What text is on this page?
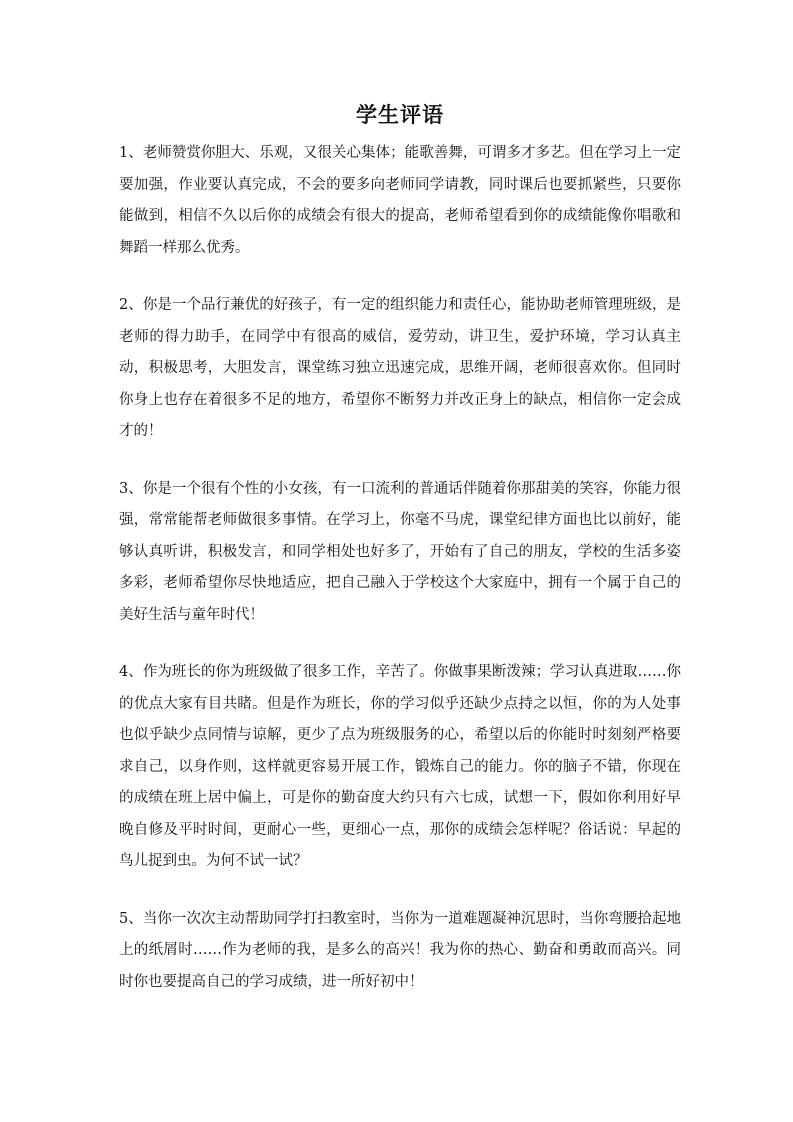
学生评语

1、老师赞赏你胆大、乐观，又很关心集体；能歌善舞，可谓多才多艺。但在学习上一定要加强，作业要认真完成，不会的要多向老师同学请教，同时课后也要抓紧些，只要你能做到，相信不久以后你的成绩会有很大的提高，老师希望看到你的成绩能像你唱歌和舞蹈一样那么优秀。

2、你是一个品行兼优的好孩子，有一定的组织能力和责任心，能协助老师管理班级，是老师的得力助手，在同学中有很高的威信，爱劳动，讲卫生，爱护环境，学习认真主动，积极思考，大胆发言，课堂练习独立迅速完成，思维开阔，老师很喜欢你。但同时你身上也存在着很多不足的地方，希望你不断努力并改正身上的缺点，相信你一定会成才的！

3、你是一个很有个性的小女孩，有一口流利的普通话伴随着你那甜美的笑容，你能力很强，常常能帮老师做很多事情。在学习上，你毫不马虎，课堂纪律方面也比以前好，能够认真听讲，积极发言，和同学相处也好多了，开始有了自己的朋友，学校的生活多姿多彩，老师希望你尽快地适应，把自己融入于学校这个大家庭中，拥有一个属于自己的美好生活与童年时代！

4、作为班长的你为班级做了很多工作，辛苦了。你做事果断泼辣；学习认真进取……你的优点大家有目共睹。但是作为班长，你的学习似乎还缺少点持之以恒，你的为人处事也似乎缺少点同情与谅解，更少了点为班级服务的心，希望以后的你能时时刻刻严格要求自己，以身作则，这样就更容易开展工作，锻炼自己的能力。你的脑子不错，你现在的成绩在班上居中偏上，可是你的勤奋度大约只有六七成，试想一下，假如你利用好早晚自修及平时时间，更耐心一些，更细心一点，那你的成绩会怎样呢？俗话说：早起的鸟儿捉到虫。为何不试一试？

5、当你一次次主动帮助同学打扫教室时，当你为一道难题凝神沉思时，当你弯腰拾起地上的纸屑时……作为老师的我，是多么的高兴！我为你的热心、勤奋和勇敢而高兴。同时你也要提高自己的学习成绩，进一所好初中！
